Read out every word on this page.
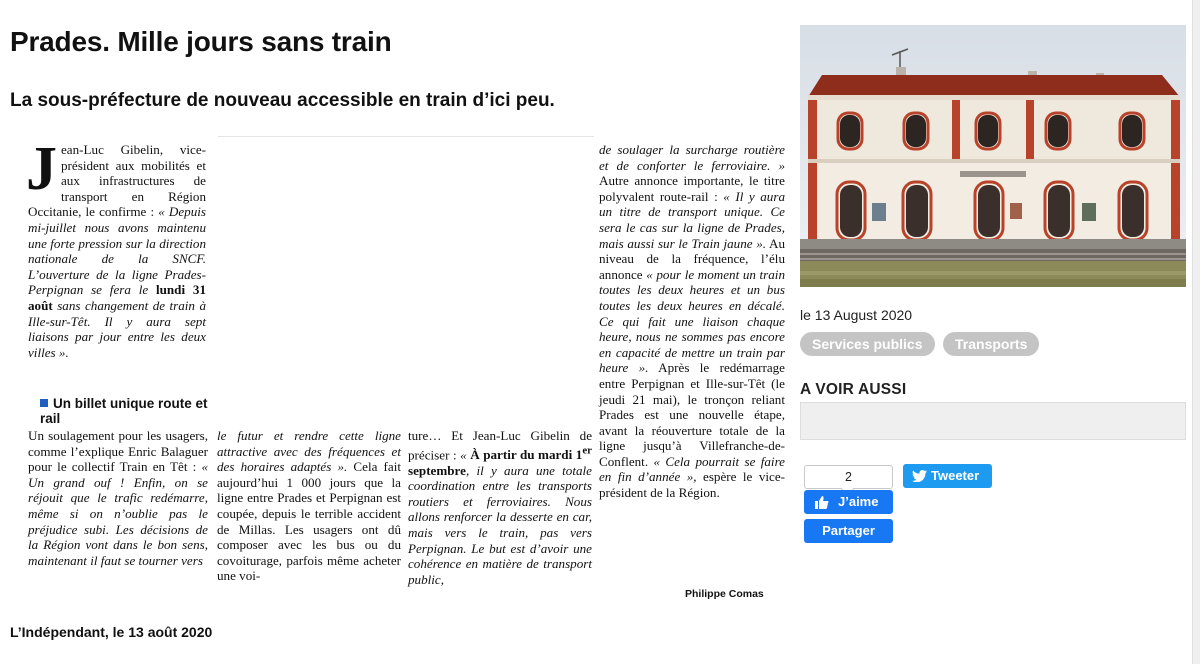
Prades. Mille jours sans train
La sous-préfecture de nouveau accessible en train d’ici peu.
J ean-Luc Gibelin, vice-président aux mobilités et aux infrastructures de transport en Région Occitanie, le confirme : « Depuis mi-juillet nous avons maintenu une forte pression sur la direction nationale de la SNCF. L’ouverture de la ligne Prades-Perpignan se fera le lundi 31 août sans changement de train à Ille-sur-Têt. Il y aura sept liaisons par jour entre les deux villes ».

Un billet unique route et rail

Un soulagement pour les usagers, comme l’explique Enric Balaguer pour le collectif Train en Têt : « Un grand ouf ! Enfin, on se réjouit que le trafic redémarre, même si on n’oublie pas le préjudice subi. Les décisions de la Région vont dans le bon sens, maintenant il faut se tourner vers

le futur et rendre cette ligne attractive avec des fréquences et des horaires adaptés ». Cela fait aujourd’hui 1 000 jours que la ligne entre Prades et Perpignan est coupée, depuis le terrible accident de Millas. Les usagers ont dû composer avec les bus ou du covoiturage, parfois même acheter une voi-

ture… Et Jean-Luc Gibelin de préciser : « À partir du mardi 1er septembre, il y aura une totale coordination entre les transports routiers et ferroviaires. Nous allons renforcer la desserte en car, mais vers le train, pas vers Perpignan. Le but est d’avoir une cohérence en matière de transport public,

de soulager la surcharge routière et de conforter le ferroviaire. » Autre annonce importante, le titre polyvalent route-rail : « Il y aura un titre de transport unique. Ce sera le cas sur la ligne de Prades, mais aussi sur le Train jaune ». Au niveau de la fréquence, l’élu annonce « pour le moment un train toutes les deux heures et un bus toutes les deux heures en décalé. Ce qui fait une liaison chaque heure, nous ne sommes pas encore en capacité de mettre un train par heure ». Après le redémarrage entre Perpignan et Ille-sur-Têt (le jeudi 21 mai), le tronçon reliant Prades est une nouvelle étape, avant la réouverture totale de la ligne jusqu’à Villefranche-de-Conflent. « Cela pourrait se faire en fin d’année », espère le vice-président de la Région.

Philippe Comas
L’Indépendant, le 13 août 2020
le 13 August 2020
Services publics	Transports
A VOIR AUSSI
2
J’aime
Partager
Tweeter
